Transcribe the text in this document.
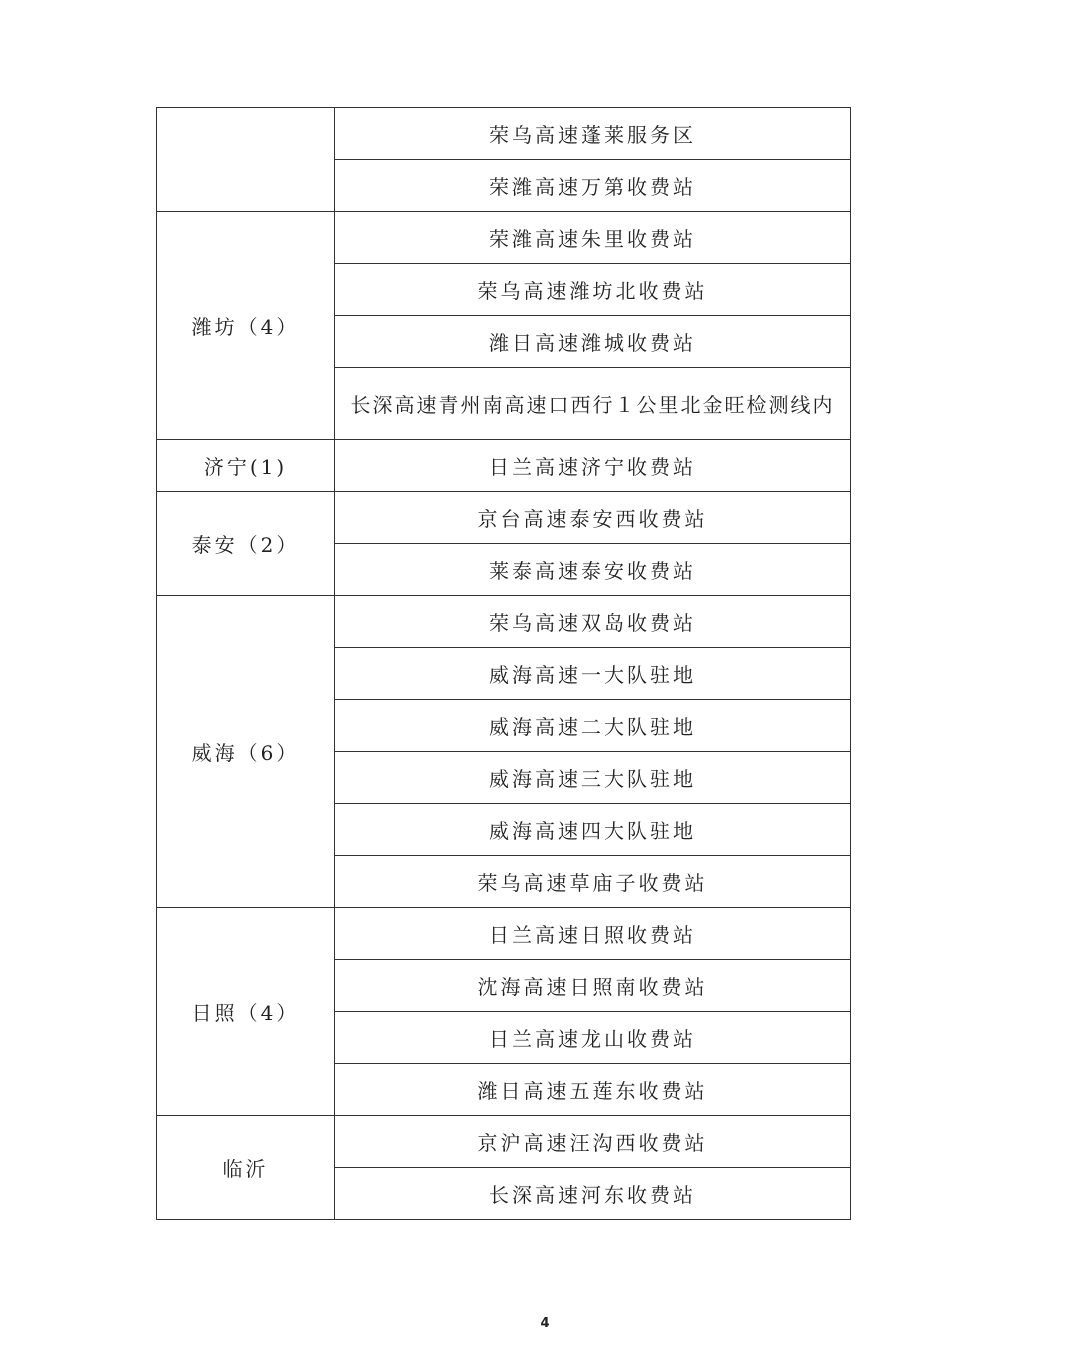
	荣乌高速蓬莱服务区
	荣潍高速万第收费站
潍坊（4）	荣潍高速朱里收费站
	荣乌高速潍坊北收费站
	潍日高速潍城收费站
	长深高速青州南高速口西行１公里北金旺检测线内
济宁(1)	日兰高速济宁收费站
泰安（2）	京台高速泰安西收费站
	莱泰高速泰安收费站
威海（6）	荣乌高速双岛收费站
	威海高速一大队驻地
	威海高速二大队驻地
	威海高速三大队驻地
	威海高速四大队驻地
	荣乌高速草庙子收费站
日照（4）	日兰高速日照收费站
	沈海高速日照南收费站
	日兰高速龙山收费站
	潍日高速五莲东收费站
临沂	京沪高速汪沟西收费站
	长深高速河东收费站
4
